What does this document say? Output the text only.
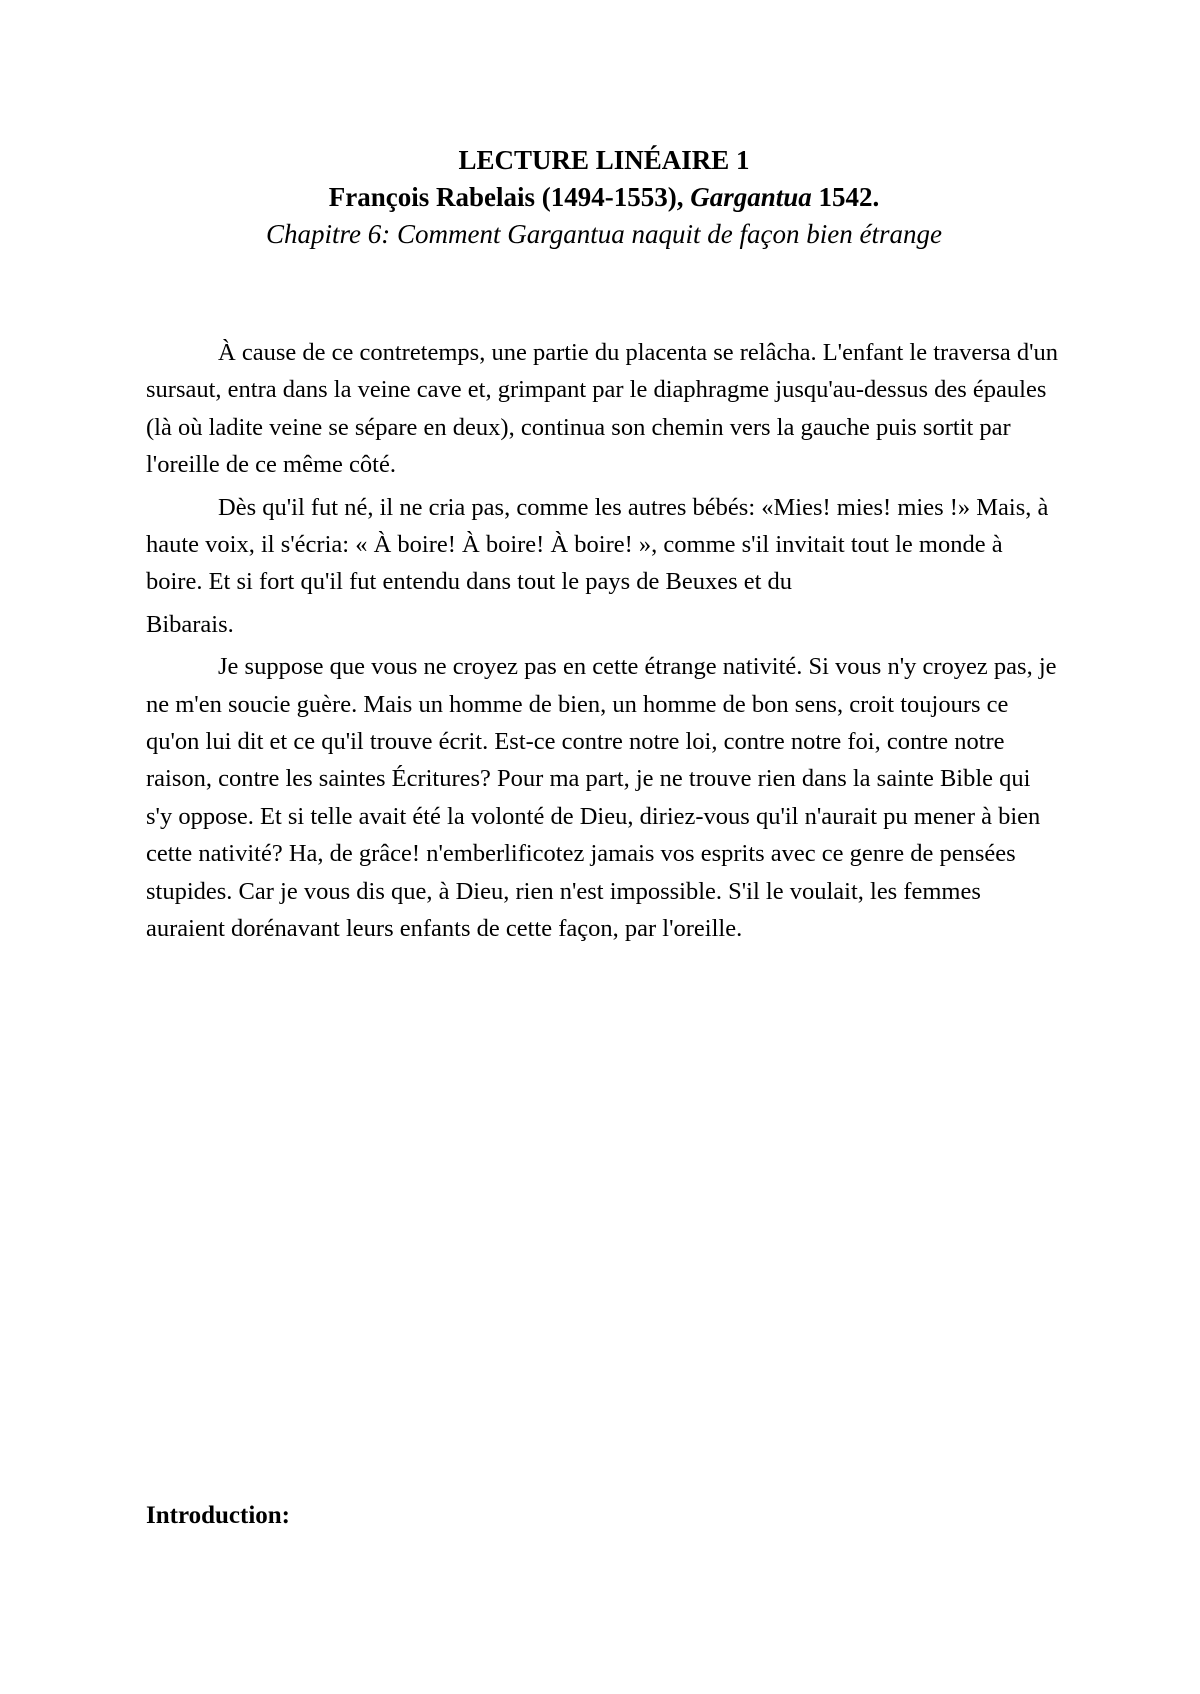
LECTURE LINÉAIRE 1
François Rabelais (1494-1553), Gargantua 1542.
Chapitre 6: Comment Gargantua naquit de façon bien étrange

À cause de ce contretemps, une partie du placenta se relâcha. L'enfant le traversa d'un sursaut, entra dans la veine cave et, grimpant par le diaphragme jusqu'au-dessus des épaules (là où ladite veine se sépare en deux), continua son chemin vers la gauche puis sortit par l'oreille de ce même côté.

Dès qu'il fut né, il ne cria pas, comme les autres bébés: «Mies! mies! mies !» Mais, à haute voix, il s'écria: « À boire! À boire! À boire! », comme s'il invitait tout le monde à boire. Et si fort qu'il fut entendu dans tout le pays de Beuxes et du

Bibarais.

Je suppose que vous ne croyez pas en cette étrange nativité. Si vous n'y croyez pas, je ne m'en soucie guère. Mais un homme de bien, un homme de bon sens, croit toujours ce qu'on lui dit et ce qu'il trouve écrit. Est-ce contre notre loi, contre notre foi, contre notre raison, contre les saintes Écritures? Pour ma part, je ne trouve rien dans la sainte Bible qui s'y oppose. Et si telle avait été la volonté de Dieu, diriez-vous qu'il n'aurait pu mener à bien cette nativité? Ha, de grâce! n'emberlificotez jamais vos esprits avec ce genre de pensées stupides. Car je vous dis que, à Dieu, rien n'est impossible. S'il le voulait, les femmes auraient dorénavant leurs enfants de cette façon, par l'oreille.

Introduction:
